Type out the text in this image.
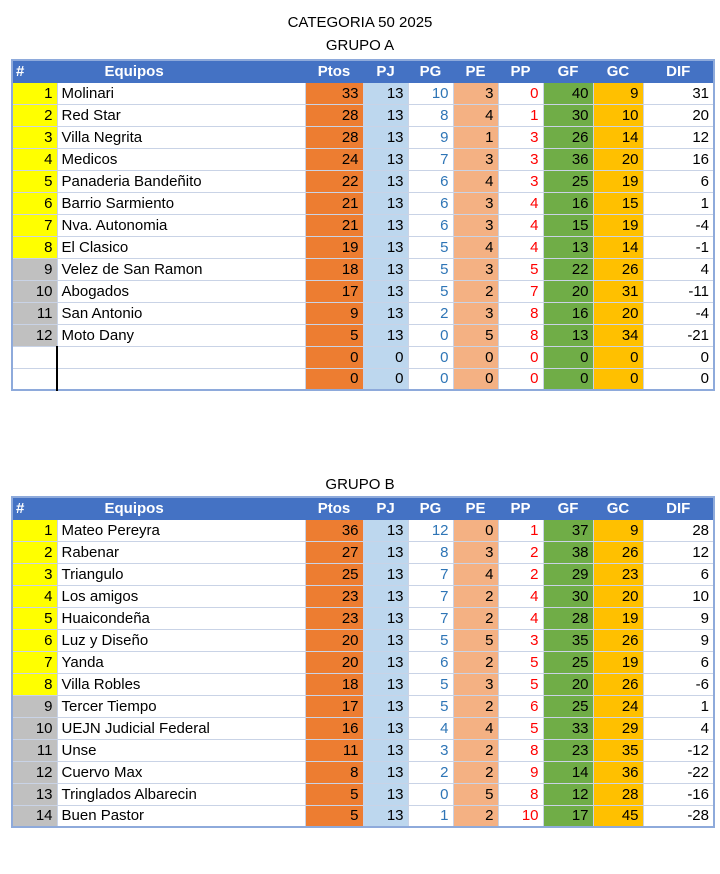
CATEGORIA 50 2025
GRUPO A
#	Equipos	Ptos	PJ	PG	PE	PP	GF	GC	DIF
1	Molinari	33	13	10	3	0	40	9	31
2	Red Star	28	13	8	4	1	30	10	20
3	Villa Negrita	28	13	9	1	3	26	14	12
4	Medicos	24	13	7	3	3	36	20	16
5	Panaderia Bandeñito	22	13	6	4	3	25	19	6
6	Barrio Sarmiento	21	13	6	3	4	16	15	1
7	Nva. Autonomia	21	13	6	3	4	15	19	-4
8	El Clasico	19	13	5	4	4	13	14	-1
9	Velez de San Ramon	18	13	5	3	5	22	26	4
10	Abogados	17	13	5	2	7	20	31	-11
11	San Antonio	9	13	2	3	8	16	20	-4
12	Moto Dany	5	13	0	5	8	13	34	-21
		0	0	0	0	0	0	0	0
		0	0	0	0	0	0	0	0
GRUPO B
#	Equipos	Ptos	PJ	PG	PE	PP	GF	GC	DIF
1	Mateo Pereyra	36	13	12	0	1	37	9	28
2	Rabenar	27	13	8	3	2	38	26	12
3	Triangulo	25	13	7	4	2	29	23	6
4	Los amigos	23	13	7	2	4	30	20	10
5	Huaicondeña	23	13	7	2	4	28	19	9
6	Luz y Diseño	20	13	5	5	3	35	26	9
7	Yanda	20	13	6	2	5	25	19	6
8	Villa Robles	18	13	5	3	5	20	26	-6
9	Tercer Tiempo	17	13	5	2	6	25	24	1
10	UEJN Judicial Federal	16	13	4	4	5	33	29	4
11	Unse	11	13	3	2	8	23	35	-12
12	Cuervo Max	8	13	2	2	9	14	36	-22
13	Tringlados Albarecin	5	13	0	5	8	12	28	-16
14	Buen Pastor	5	13	1	2	10	17	45	-28
